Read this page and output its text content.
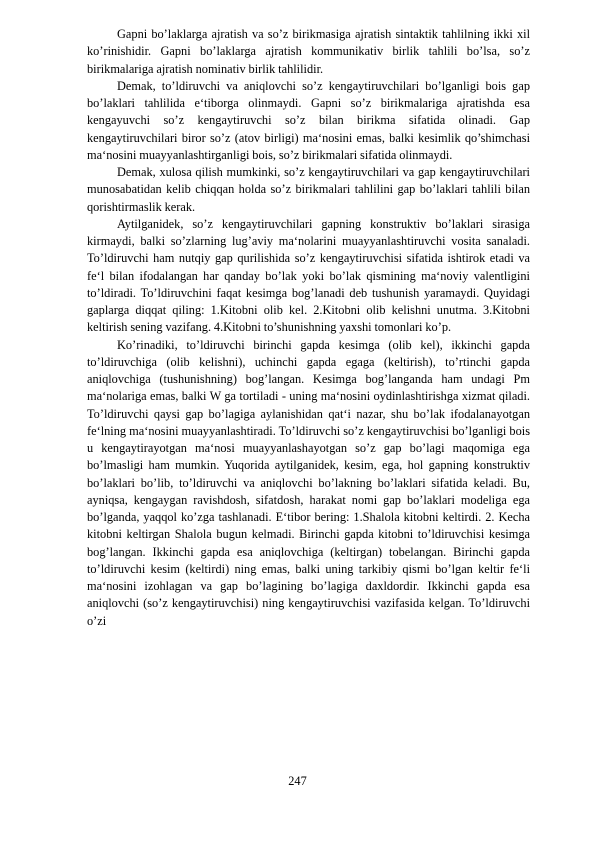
Gapni bo’laklarga ajratish va so’z birikmasiga ajratish sintaktik tahlilning ikki xil ko’rinishidir. Gapni bo’laklarga ajratish kommunikativ birlik tahlili bo’lsa, so’z birikmalariga ajratish nominativ birlik tahlilidir.

Demak, to’ldiruvchi va aniqlovchi so’z kengaytiruvchilari bo’lganligi bois gap bo’laklari tahlilida e‘tiborga olinmaydi. Gapni so’z birikmalariga ajratishda esa kengayuvchi so’z kengaytiruvchi so’z bilan birikma sifatida olinadi. Gap kengaytiruvchilari biror so’z (atov birligi) ma‘nosini emas, balki kesimlik qo’shimchasi ma‘nosini muayyanlashtirganligi bois, so’z birikmalari sifatida olinmaydi.

Demak, xulosa qilish mumkinki, so’z kengaytiruvchilari va gap kengaytiruvchilari munosabatidan kelib chiqqan holda so’z birikmalari tahlilini gap bo’laklari tahlili bilan qorishtirmaslik kerak.

Aytilganidek, so’z kengaytiruvchilari gapning konstruktiv bo’laklari sirasiga kirmaydi, balki so’zlarning lug’aviy ma‘nolarini muayyanlashtiruvchi vosita sanaladi. To’ldiruvchi ham nutqiy gap qurilishida so’z kengaytiruvchisi sifatida ishtirok etadi va fe‘l bilan ifodalangan har qanday bo’lak yoki bo’lak qismining ma‘noviy valentligini to’ldiradi. To’ldiruvchini faqat kesimga bog’lanadi deb tushunish yaramaydi. Quyidagi gaplarga diqqat qiling: 1.Kitobni olib kel. 2.Kitobni olib kelishni unutma. 3.Kitobni keltirish sening vazifang. 4.Kitobni to’shunishning yaxshi tomonlari ko’p.

Ko’rinadiki, to’ldiruvchi birinchi gapda kesimga (olib kel), ikkinchi gapda to’ldiruvchiga (olib kelishni), uchinchi gapda egaga (keltirish), to’rtinchi gapda aniqlovchiga (tushunishning) bog’langan. Kesimga bog’langanda ham undagi Pm ma‘nolariga emas, balki W ga tortiladi - uning ma‘nosini oydinlashtirishga xizmat qiladi. To’ldiruvchi qaysi gap bo’lagiga aylanishidan qat‘i nazar, shu bo’lak ifodalanayotgan fe‘lning ma‘nosini muayyanlashtiradi. To’ldiruvchi so’z kengaytiruvchisi bo’lganligi bois u kengaytirayotgan ma‘nosi muayyanlashayotgan so’z gap bo’lagi maqomiga ega bo’lmasligi ham mumkin. Yuqorida aytilganidek, kesim, ega, hol gapning konstruktiv bo’laklari bo’lib, to’ldiruvchi va aniqlovchi bo’lakning bo’laklari sifatida keladi. Bu, ayniqsa, kengaygan ravishdosh, sifatdosh, harakat nomi gap bo’laklari modeliga ega bo’lganda, yaqqol ko’zga tashlanadi. E‘tibor bering: 1.Shalola kitobni keltirdi. 2. Kecha kitobni keltirgan Shalola bugun kelmadi. Birinchi gapda kitobni to’ldiruvchisi kesimga bog’langan. Ikkinchi gapda esa aniqlovchiga (keltirgan) tobelangan. Birinchi gapda to’ldiruvchi kesim (keltirdi) ning emas, balki uning tarkibiy qismi bo’lgan keltir fe‘li ma‘nosini izohlagan va gap bo’lagining bo’lagiga daxldordir. Ikkinchi gapda esa aniqlovchi (so’z kengaytiruvchisi) ning kengaytiruvchisi vazifasida kelgan. To’ldiruvchi o’zi

247
